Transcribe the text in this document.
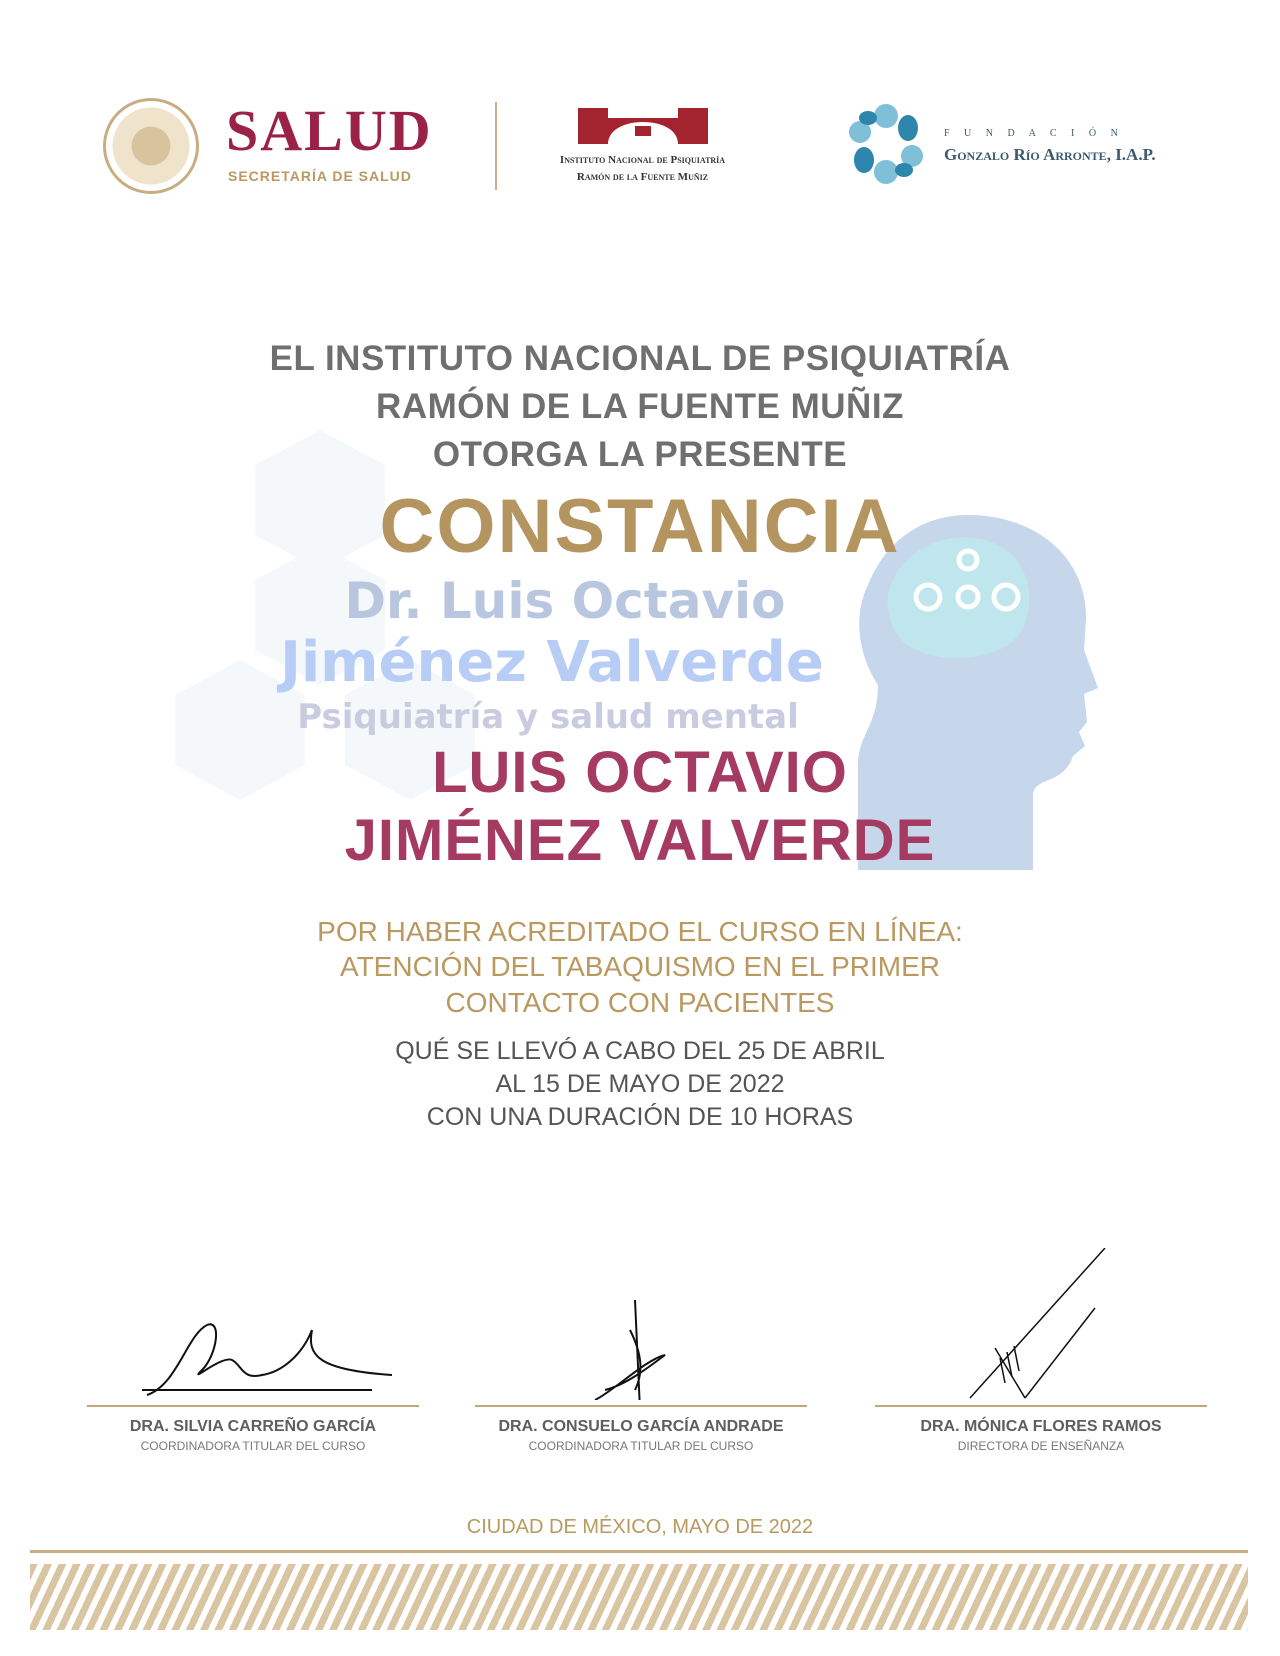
SALUD
SECRETARÍA DE SALUD
Instituto Nacional de Psiquiatría
Ramón de la Fuente Muñiz
F U N D A C I Ó N
Gonzalo Río Arronte, I.A.P.
EL INSTITUTO NACIONAL DE PSIQUIATRÍA
RAMÓN DE LA FUENTE MUÑIZ
OTORGA LA PRESENTE
CONSTANCIA
Dr. Luis Octavio
Jiménez Valverde
Psiquiatría y salud mental
LUIS OCTAVIO
JIMÉNEZ VALVERDE
POR HABER ACREDITADO EL CURSO EN LÍNEA:
ATENCIÓN DEL TABAQUISMO EN EL PRIMER
CONTACTO CON PACIENTES
QUÉ SE LLEVÓ A CABO DEL 25 DE ABRIL
AL 15 DE MAYO DE 2022
CON UNA DURACIÓN DE 10 HORAS
DRA. SILVIA CARREÑO GARCÍA
COORDINADORA TITULAR DEL CURSO
DRA. CONSUELO GARCÍA ANDRADE
COORDINADORA TITULAR DEL CURSO
DRA. MÓNICA FLORES RAMOS
DIRECTORA DE ENSEÑANZA
CIUDAD DE MÉXICO, MAYO DE 2022
